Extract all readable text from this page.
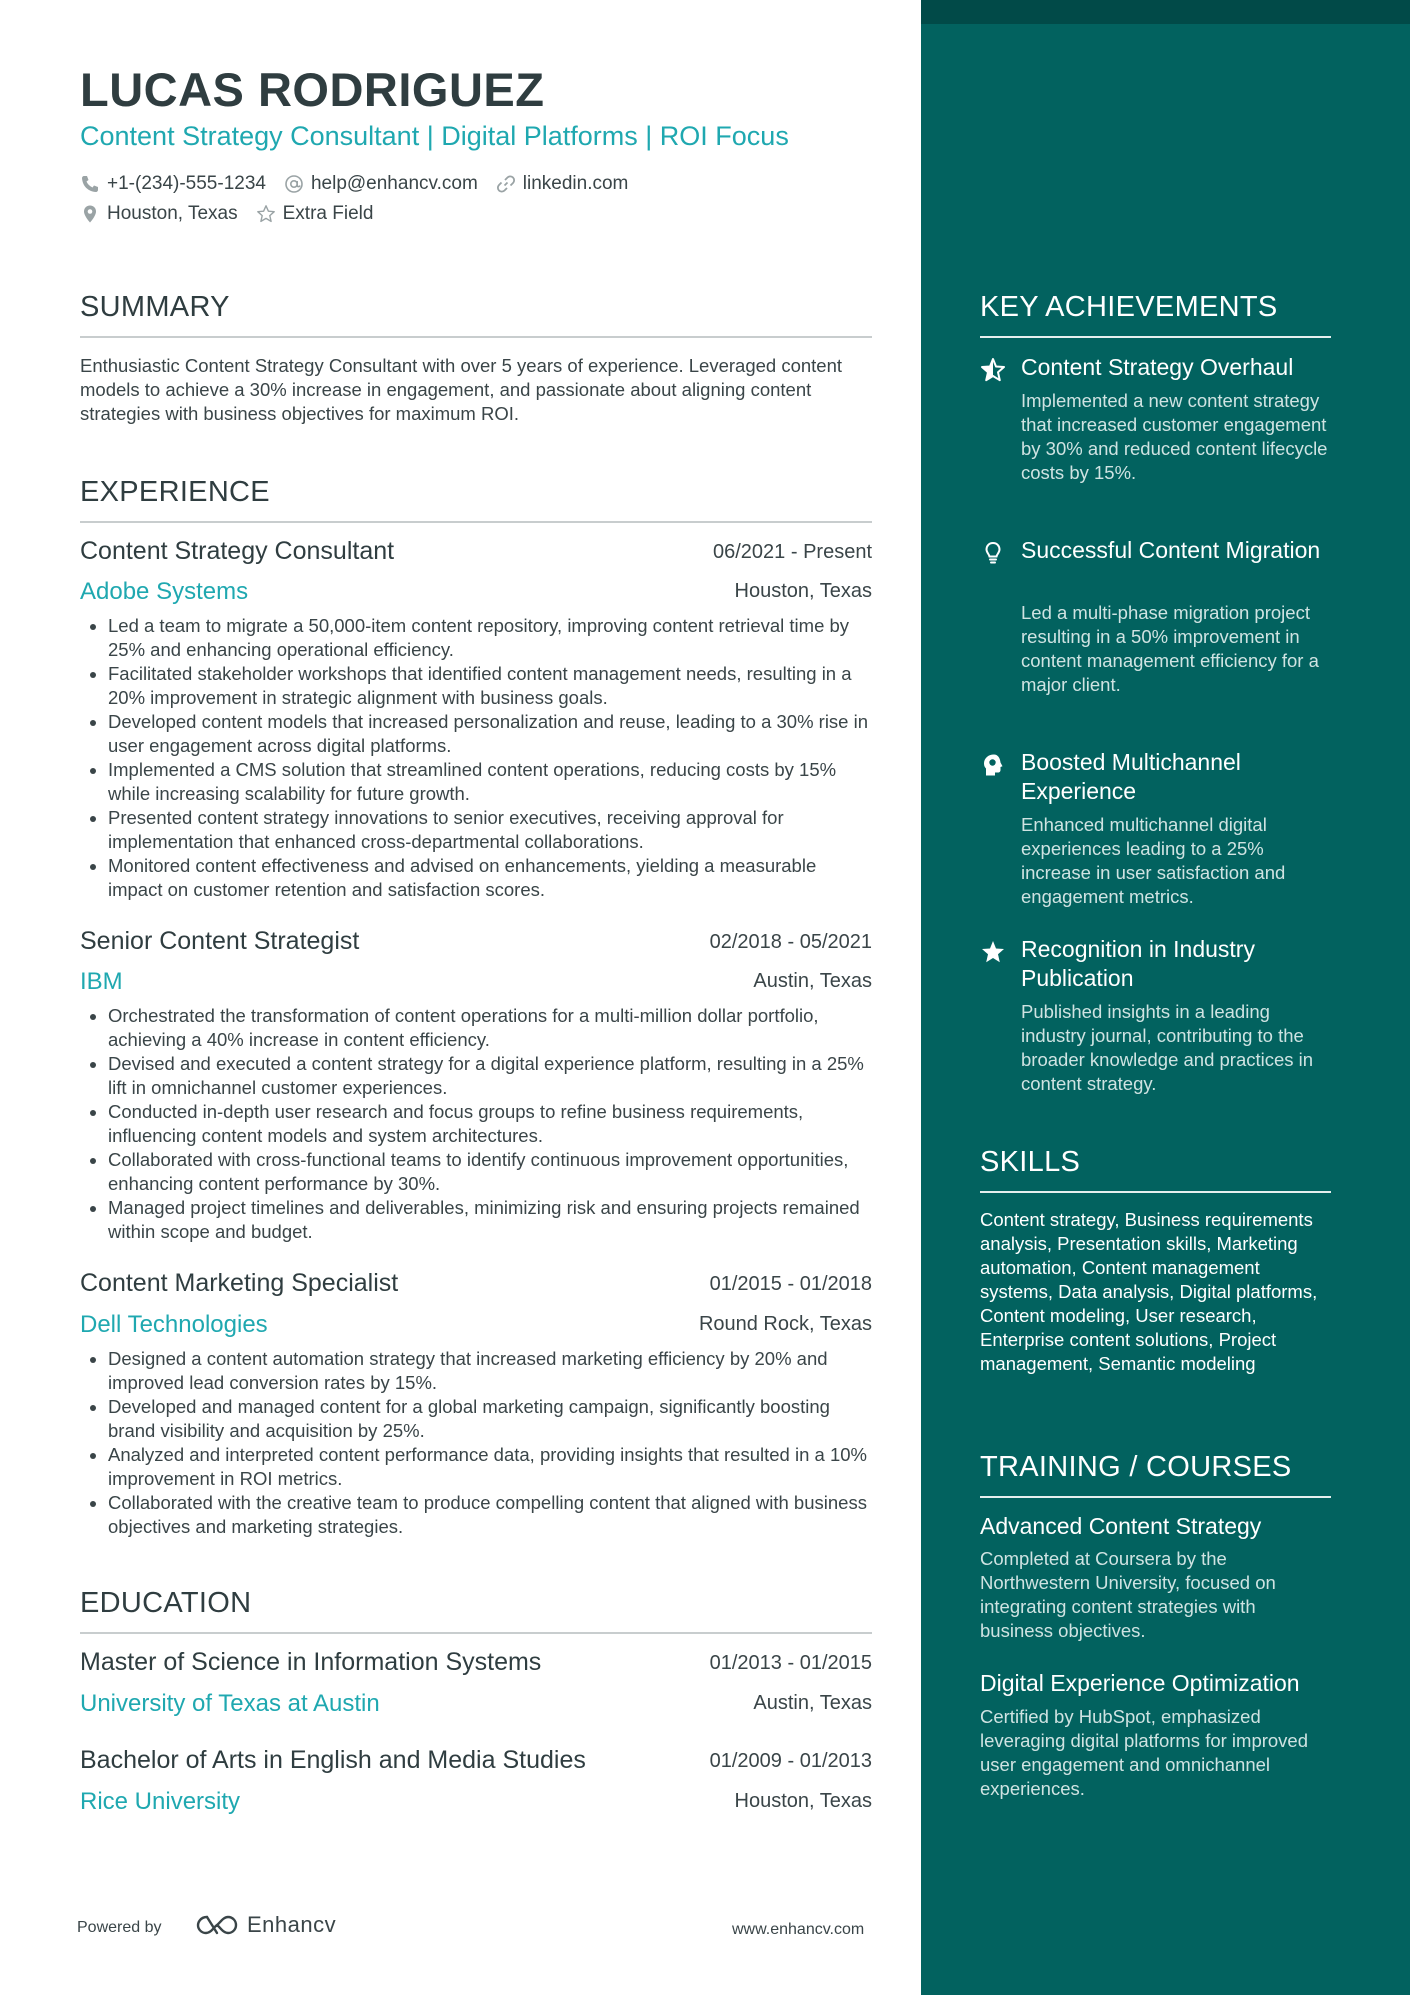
LUCAS RODRIGUEZ
Content Strategy Consultant | Digital Platforms | ROI Focus
+1-(234)-555-1234 help@enhancv.com linkedin.com
Houston, Texas Extra Field
SUMMARY
Enthusiastic Content Strategy Consultant with over 5 years of experience. Leveraged content models to achieve a 30% increase in engagement, and passionate about aligning content strategies with business objectives for maximum ROI.
EXPERIENCE
Content Strategy Consultant	06/2021 - Present
Adobe Systems	Houston, Texas
Led a team to migrate a 50,000-item content repository, improving content retrieval time by 25% and enhancing operational efficiency.
Facilitated stakeholder workshops that identified content management needs, resulting in a 20% improvement in strategic alignment with business goals.
Developed content models that increased personalization and reuse, leading to a 30% rise in user engagement across digital platforms.
Implemented a CMS solution that streamlined content operations, reducing costs by 15% while increasing scalability for future growth.
Presented content strategy innovations to senior executives, receiving approval for implementation that enhanced cross-departmental collaborations.
Monitored content effectiveness and advised on enhancements, yielding a measurable impact on customer retention and satisfaction scores.
Senior Content Strategist	02/2018 - 05/2021
IBM	Austin, Texas
Orchestrated the transformation of content operations for a multi-million dollar portfolio, achieving a 40% increase in content efficiency.
Devised and executed a content strategy for a digital experience platform, resulting in a 25% lift in omnichannel customer experiences.
Conducted in-depth user research and focus groups to refine business requirements, influencing content models and system architectures.
Collaborated with cross-functional teams to identify continuous improvement opportunities, enhancing content performance by 30%.
Managed project timelines and deliverables, minimizing risk and ensuring projects remained within scope and budget.
Content Marketing Specialist	01/2015 - 01/2018
Dell Technologies	Round Rock, Texas
Designed a content automation strategy that increased marketing efficiency by 20% and improved lead conversion rates by 15%.
Developed and managed content for a global marketing campaign, significantly boosting brand visibility and acquisition by 25%.
Analyzed and interpreted content performance data, providing insights that resulted in a 10% improvement in ROI metrics.
Collaborated with the creative team to produce compelling content that aligned with business objectives and marketing strategies.
EDUCATION
Master of Science in Information Systems	01/2013 - 01/2015
University of Texas at Austin	Austin, Texas
Bachelor of Arts in English and Media Studies	01/2009 - 01/2013
Rice University	Houston, Texas
Powered by	Enhancv	www.enhancv.com
KEY ACHIEVEMENTS
Content Strategy Overhaul
Implemented a new content strategy that increased customer engagement by 30% and reduced content lifecycle costs by 15%.
Successful Content Migration
Led a multi-phase migration project resulting in a 50% improvement in content management efficiency for a major client.
Boosted Multichannel Experience
Enhanced multichannel digital experiences leading to a 25% increase in user satisfaction and engagement metrics.
Recognition in Industry Publication
Published insights in a leading industry journal, contributing to the broader knowledge and practices in content strategy.
SKILLS
Content strategy, Business requirements analysis, Presentation skills, Marketing automation, Content management systems, Data analysis, Digital platforms, Content modeling, User research, Enterprise content solutions, Project management, Semantic modeling
TRAINING / COURSES
Advanced Content Strategy
Completed at Coursera by the Northwestern University, focused on integrating content strategies with business objectives.
Digital Experience Optimization
Certified by HubSpot, emphasized leveraging digital platforms for improved user engagement and omnichannel experiences.
